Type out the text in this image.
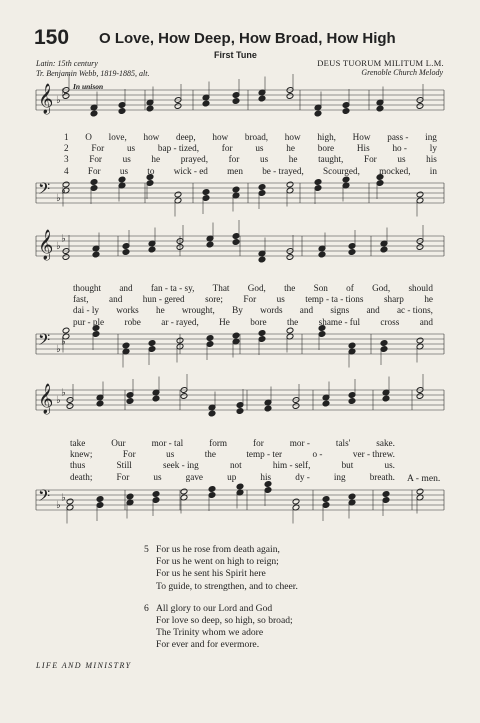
150 O Love, How Deep, How Broad, How High
First Tune
Latin: 15th century
Tr. Benjamin Webb, 1819-1885, alt.
DEUS TUORUM MILITUM L.M.
Grenoble Church Melody
In unison
𝄞 ♭
♭
𝄢 ♭
♭
𝄞 ♭
♭
𝄢 ♭
♭
𝄞 ♭
♭
𝄢 ♭
♭
1 O love, how deep, how broad, how high, How pass - ing
2 For us bap - tized, for us he bore His ho - ly
3 For us he prayed, for us he taught, For us his
4 For us to wick - ed men be - trayed, Scourged, mocked, in
thought and fan - ta - sy, That God, the Son of God, should
fast, and hun - gered sore; For us temp - ta - tions sharp he
dai - ly works he wrought, By words and signs and ac - tions,
pur - ple robe ar - rayed, He bore the shame - ful cross and
take	Our	mor - tal	form	for	mor -	tals'	sake.
knew;	For	us	the	temp - ter	o -	ver - threw.
thus	Still	seek - ing	not	him - self,	but	us.
death;	For	us	gave	up	his	dy -	ing	breath. A - men.
5 For us he rose from death again,
For us he went on high to reign;
For us he sent his Spirit here
To guide, to strengthen, and to cheer.
6 All glory to our Lord and God
For love so deep, so high, so broad;
The Trinity whom we adore
For ever and for evermore.
LIFE AND MINISTRY
